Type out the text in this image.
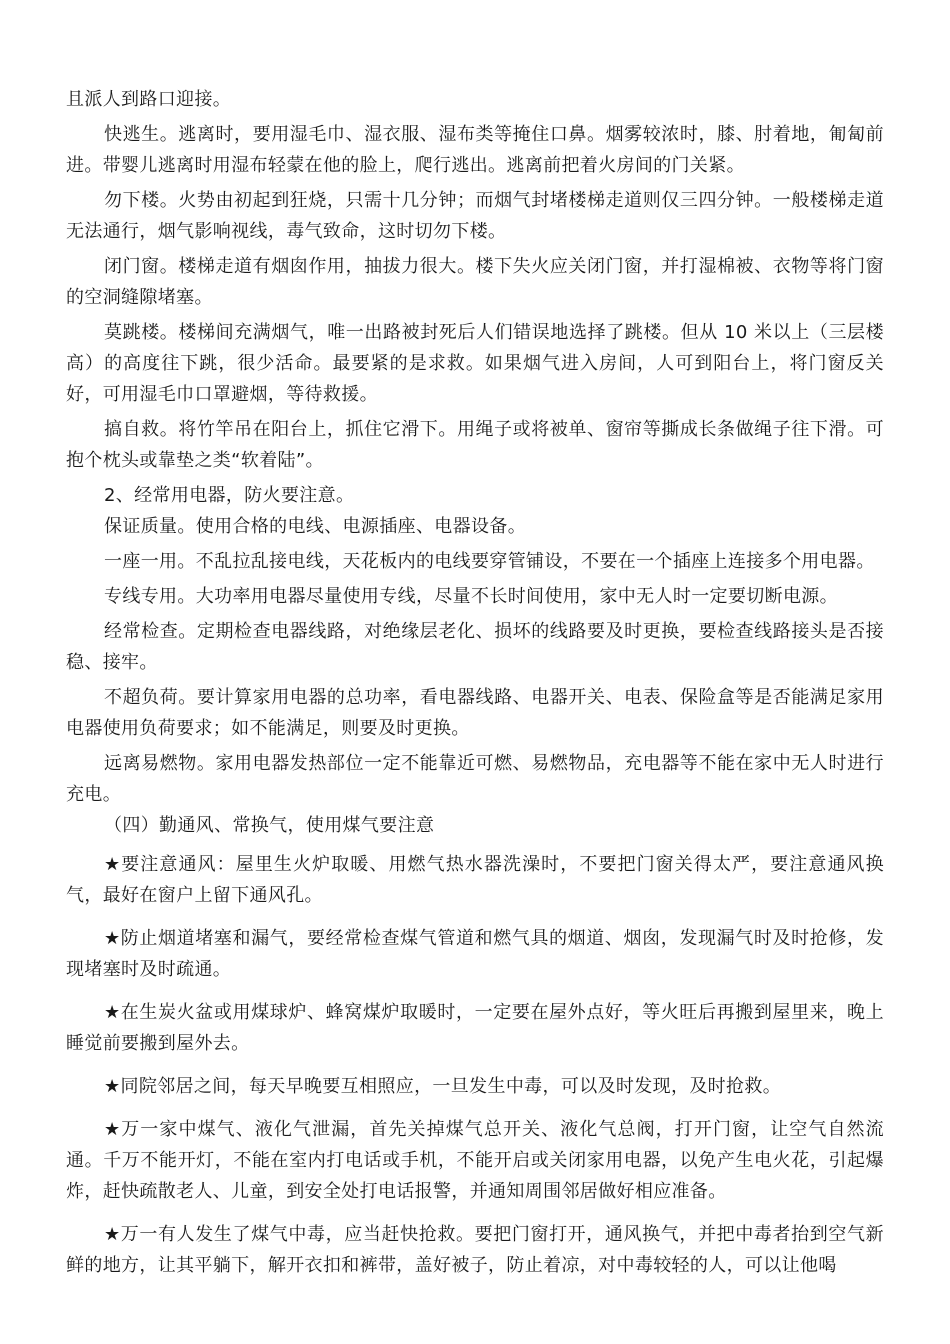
且派人到路口迎接。

快逃生。逃离时，要用湿毛巾、湿衣服、湿布类等掩住口鼻。烟雾较浓时，膝、肘着地，匍匐前进。带婴儿逃离时用湿布轻蒙在他的脸上，爬行逃出。逃离前把着火房间的门关紧。

勿下楼。火势由初起到狂烧，只需十几分钟；而烟气封堵楼梯走道则仅三四分钟。一般楼梯走道无法通行，烟气影响视线，毒气致命，这时切勿下楼。

闭门窗。楼梯走道有烟囱作用，抽拔力很大。楼下失火应关闭门窗，并打湿棉被、衣物等将门窗的空洞缝隙堵塞。

莫跳楼。楼梯间充满烟气，唯一出路被封死后人们错误地选择了跳楼。但从 10 米以上（三层楼高）的高度往下跳，很少活命。最要紧的是求救。如果烟气进入房间，人可到阳台上，将门窗反关好，可用湿毛巾口罩避烟，等待救援。

搞自救。将竹竿吊在阳台上，抓住它滑下。用绳子或将被单、窗帘等撕成长条做绳子往下滑。可抱个枕头或靠垫之类“软着陆”。

2、经常用电器，防火要注意。

保证质量。使用合格的电线、电源插座、电器设备。

一座一用。不乱拉乱接电线，天花板内的电线要穿管铺设，不要在一个插座上连接多个用电器。

专线专用。大功率用电器尽量使用专线，尽量不长时间使用，家中无人时一定要切断电源。

经常检查。定期检查电器线路，对绝缘层老化、损坏的线路要及时更换，要检查线路接头是否接稳、接牢。

不超负荷。要计算家用电器的总功率，看电器线路、电器开关、电表、保险盒等是否能满足家用电器使用负荷要求；如不能满足，则要及时更换。

远离易燃物。家用电器发热部位一定不能靠近可燃、易燃物品，充电器等不能在家中无人时进行充电。

（四）勤通风、常换气，使用煤气要注意

★要注意通风：屋里生火炉取暖、用燃气热水器洗澡时，不要把门窗关得太严，要注意通风换气，最好在窗户上留下通风孔。

★防止烟道堵塞和漏气，要经常检查煤气管道和燃气具的烟道、烟囱，发现漏气时及时抢修，发现堵塞时及时疏通。

★在生炭火盆或用煤球炉、蜂窝煤炉取暖时，一定要在屋外点好，等火旺后再搬到屋里来，晚上睡觉前要搬到屋外去。

★同院邻居之间，每天早晚要互相照应，一旦发生中毒，可以及时发现，及时抢救。

★万一家中煤气、液化气泄漏，首先关掉煤气总开关、液化气总阀，打开门窗，让空气自然流通。千万不能开灯，不能在室内打电话或手机，不能开启或关闭家用电器，以免产生电火花，引起爆炸，赶快疏散老人、儿童，到安全处打电话报警，并通知周围邻居做好相应准备。

★万一有人发生了煤气中毒，应当赶快抢救。要把门窗打开，通风换气，并把中毒者抬到空气新鲜的地方，让其平躺下，解开衣扣和裤带，盖好被子，防止着凉，对中毒较轻的人，可以让他喝
